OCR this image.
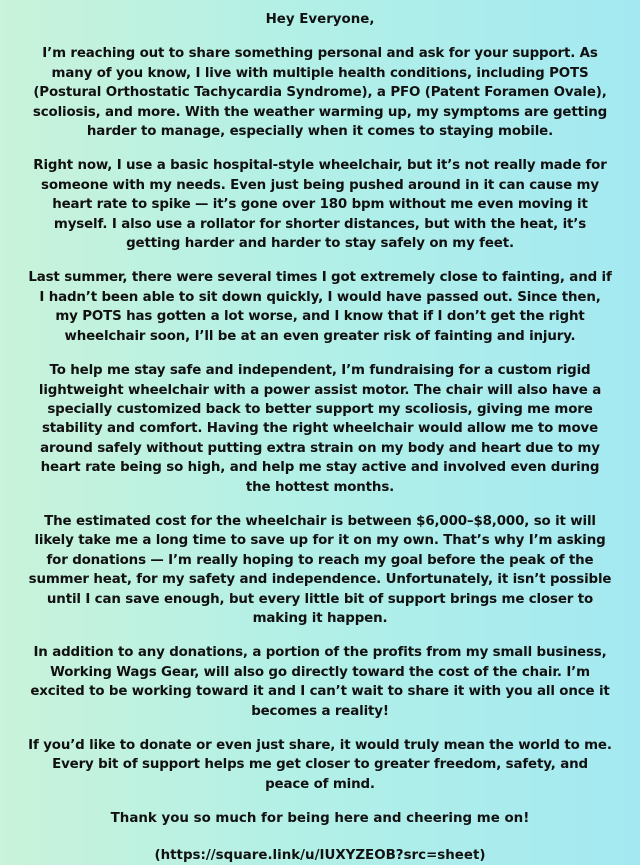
Hey Everyone,

I’m reaching out to share something personal and ask for your support. As many of you know, I live with multiple health conditions, including POTS (Postural Orthostatic Tachycardia Syndrome), a PFO (Patent Foramen Ovale), scoliosis, and more. With the weather warming up, my symptoms are getting harder to manage, especially when it comes to staying mobile.

Right now, I use a basic hospital-style wheelchair, but it’s not really made for someone with my needs. Even just being pushed around in it can cause my heart rate to spike — it’s gone over 180 bpm without me even moving it myself. I also use a rollator for shorter distances, but with the heat, it’s getting harder and harder to stay safely on my feet.

Last summer, there were several times I got extremely close to fainting, and if I hadn’t been able to sit down quickly, I would have passed out. Since then, my POTS has gotten a lot worse, and I know that if I don’t get the right wheelchair soon, I’ll be at an even greater risk of fainting and injury.

To help me stay safe and independent, I’m fundraising for a custom rigid lightweight wheelchair with a power assist motor. The chair will also have a specially customized back to better support my scoliosis, giving me more stability and comfort. Having the right wheelchair would allow me to move around safely without putting extra strain on my body and heart due to my heart rate being so high, and help me stay active and involved even during the hottest months.

The estimated cost for the wheelchair is between $6,000–$8,000, so it will likely take me a long time to save up for it on my own. That’s why I’m asking for donations — I’m really hoping to reach my goal before the peak of the summer heat, for my safety and independence. Unfortunately, it isn’t possible until I can save enough, but every little bit of support brings me closer to making it happen.

In addition to any donations, a portion of the profits from my small business, Working Wags Gear, will also go directly toward the cost of the chair. I’m excited to be working toward it and I can’t wait to share it with you all once it becomes a reality!

If you’d like to donate or even just share, it would truly mean the world to me. Every bit of support helps me get closer to greater freedom, safety, and peace of mind.

Thank you so much for being here and cheering me on!

(https://square.link/u/IUXYZEOB?src=sheet)
